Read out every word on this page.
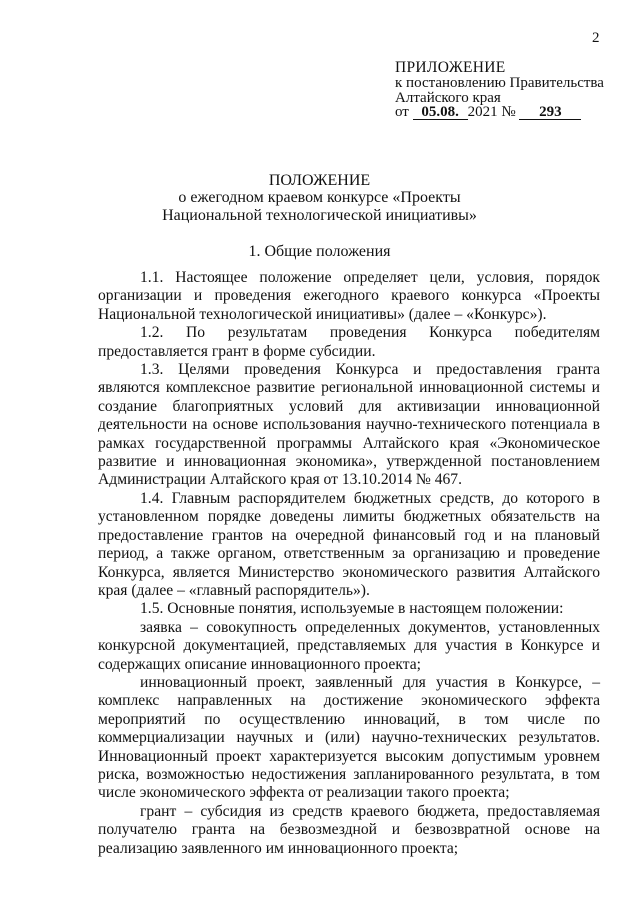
2
ПРИЛОЖЕНИЕ
к постановлению Правительства
Алтайского края
от 05.08. 2021 № 293
ПОЛОЖЕНИЕ
о ежегодном краевом конкурсе «Проекты
Национальной технологической инициативы»
1. Общие положения

1.1. Настоящее положение определяет цели, условия, порядок организации и проведения ежегодного краевого конкурса «Проекты Национальной технологической инициативы» (далее – «Конкурс»).

1.2. По результатам проведения Конкурса победителям предоставляется грант в форме субсидии.

1.3. Целями проведения Конкурса и предоставления гранта являются комплексное развитие региональной инновационной системы и создание благоприятных условий для активизации инновационной деятельности на основе использования научно-технического потенциала в рамках государственной программы Алтайского края «Экономическое развитие и инновационная экономика», утвержденной постановлением Администрации Алтайского края от 13.10.2014 № 467.

1.4. Главным распорядителем бюджетных средств, до которого в установленном порядке доведены лимиты бюджетных обязательств на предоставление грантов на очередной финансовый год и на плановый период, а также органом, ответственным за организацию и проведение Конкурса, является Министерство экономического развития Алтайского края (далее – «главный распорядитель»).

1.5. Основные понятия, используемые в настоящем положении:

заявка – совокупность определенных документов, установленных конкурсной документацией, представляемых для участия в Конкурсе и содержащих описание инновационного проекта;

инновационный проект, заявленный для участия в Конкурсе, – комплекс направленных на достижение экономического эффекта мероприятий по осуществлению инноваций, в том числе по коммерциализации научных и (или) научно-технических результатов. Инновационный проект характеризуется высоким допустимым уровнем риска, возможностью недостижения запланированного результата, в том числе экономического эффекта от реализации такого проекта;

грант – субсидия из средств краевого бюджета, предоставляемая получателю гранта на безвозмездной и безвозвратной основе на реализацию заявленного им инновационного проекта;
